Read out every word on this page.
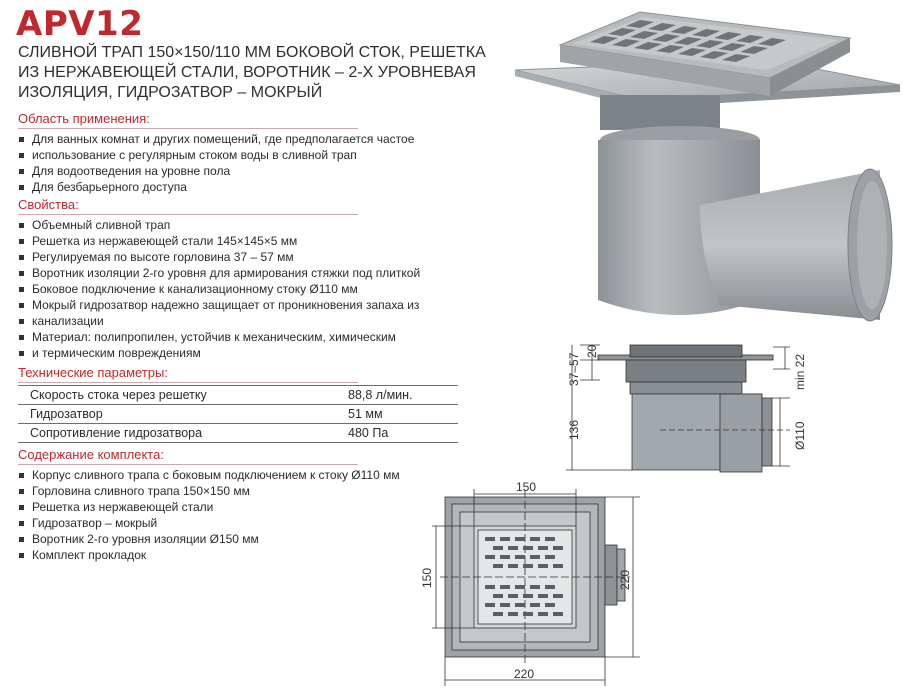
APV12
СЛИВНОЙ ТРАП 150×150/110 ММ БОКОВОЙ СТОК, РЕШЕТКА
ИЗ НЕРЖАВЕЮЩЕЙ СТАЛИ, ВОРОТНИК – 2-Х УРОВНЕВАЯ
ИЗОЛЯЦИЯ, ГИДРОЗАТВОР – МОКРЫЙ
Область применения:
Для ванных комнат и других помещений, где предполагается частое
использование с регулярным стоком воды в сливной трап
Для водоотведения на уровне пола
Для безбарьерного доступа
Свойства:
Объемный сливной трап
Решетка из нержавеющей стали 145×145×5 мм
Регулируемая по высоте горловина 37 – 57 мм
Воротник изоляции 2-го уровня для армирования стяжки под плиткой
Боковое подключение к канализационному стоку Ø110 мм
Мокрый гидрозатвор надежно защищает от проникновения запаха из
канализации
Материал: полипропилен, устойчив к механическим, химическим
и термическим повреждениям
Технические параметры:
Скорость стока через решетку	88,8 л/мин.
Гидрозатвор	51 мм
Сопротивление гидрозатвора	480 Па
Содержание комплекта:
Корпус сливного трапа с боковым подключением к стоку Ø110 мм
Горловина сливного трапа 150×150 мм
Решетка из нержавеющей стали
Гидрозатвор – мокрый
Воротник 2-го уровня изоляции Ø150 мм
Комплект прокладок
37–57
20
min 22
136	Ø110
150
150	220
220
